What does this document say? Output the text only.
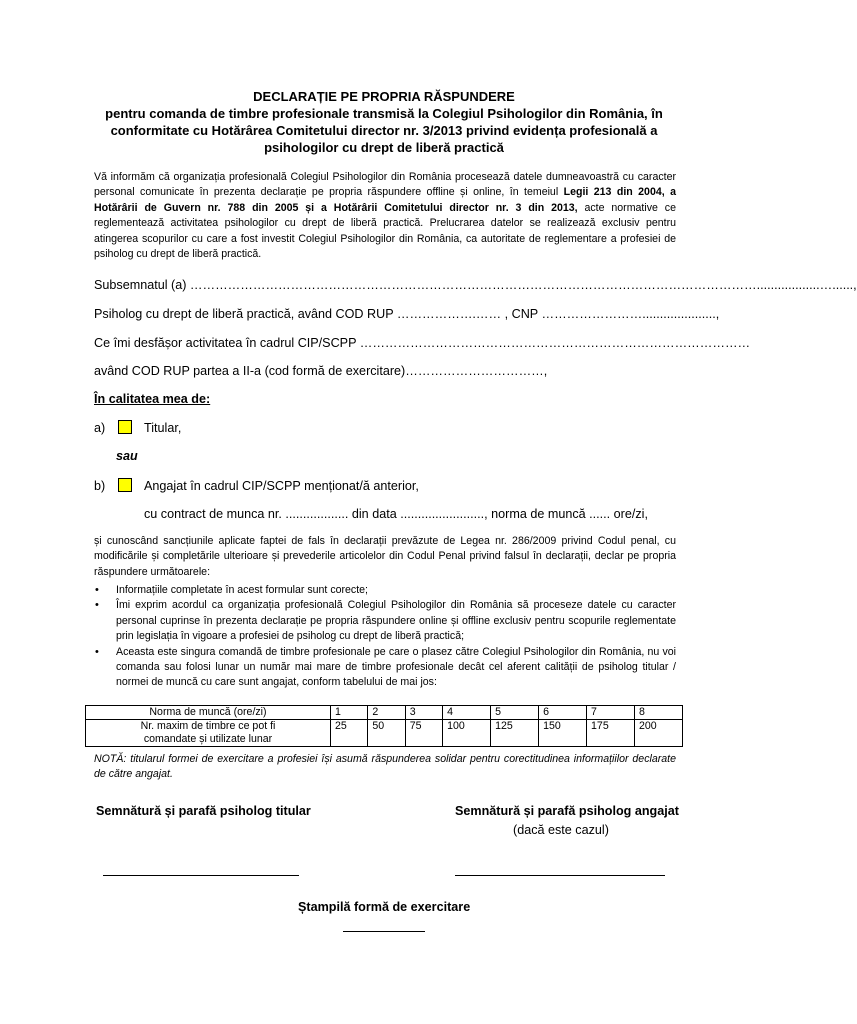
DECLARAȚIE PE PROPRIA RĂSPUNDERE
pentru comanda de timbre profesionale transmisă la Colegiul Psihologilor din România, în
conformitate cu Hotărârea Comitetului director nr. 3/2013 privind evidența profesională a
psihologilor cu drept de liberă practică
Vă informăm că organizația profesională Colegiul Psihologilor din România procesează datele dumneavoastră cu caracter personal comunicate în prezenta declarație pe propria răspundere offline și online, în temeiul Legii 213 din 2004, a Hotărârii de Guvern nr. 788 din 2005 și a Hotărârii Comitetului director nr. 3 din 2013, acte normative ce reglementează activitatea psihologilor cu drept de liberă practică. Prelucrarea datelor se realizează exclusiv pentru atingerea scopurilor cu care a fost investit Colegiul Psihologilor din România, ca autoritate de reglementare a profesiei de psiholog cu drept de liberă practică.
Subsemnatul (a) ………………………………………………………………………………………………………………………..................…......,
Psiholog cu drept de liberă practică, având COD RUP ……………….…… , CNP …………………….....................,
Ce îmi desfășor activitatea în cadrul CIP/SCPP …………………………………………………………………………………
având COD RUP partea a II-a (cod formă de exercitare)……………………………,
În calitatea mea de:
a)	Titular,
sau
b)	Angajat în cadrul CIP/SCPP menționat/ă anterior,
cu contract de munca nr. .................. din data ........................, norma de muncă ...... ore/zi,
și cunoscând sancțiunile aplicate faptei de fals în declarații prevăzute de Legea nr. 286/2009 privind Codul penal, cu modificările și completările ulterioare și prevederile articolelor din Codul Penal privind falsul în declarații, declar pe propria răspundere următoarele:
• Informațiile completate în acest formular sunt corecte;
• Îmi exprim acordul ca organizația profesională Colegiul Psihologilor din România să proceseze datele cu caracter personal cuprinse în prezenta declarație pe propria răspundere online și offline exclusiv pentru scopurile reglementate prin legislația în vigoare a profesiei de psiholog cu drept de liberă practică;
• Aceasta este singura comandă de timbre profesionale pe care o plasez către Colegiul Psihologilor din România, nu voi comanda sau folosi lunar un număr mai mare de timbre profesionale decât cel aferent calității de psiholog titular / normei de muncă cu care sunt angajat, conform tabelului de mai jos:
Norma de muncă (ore/zi)	1	2	3	4	5	6	7	8

Nr. maxim de timbre ce pot fi
comandate și utilizate lunar	25	50	75	100	125	150	175	200
NOTĂ: titularul formei de exercitare a profesiei își asumă răspunderea solidar pentru corectitudinea informațiilor declarate de către angajat.
Semnătură și parafă psiholog titular	Semnătură și parafă psiholog angajat
(dacă este cazul)
Ștampilă formă de exercitare
